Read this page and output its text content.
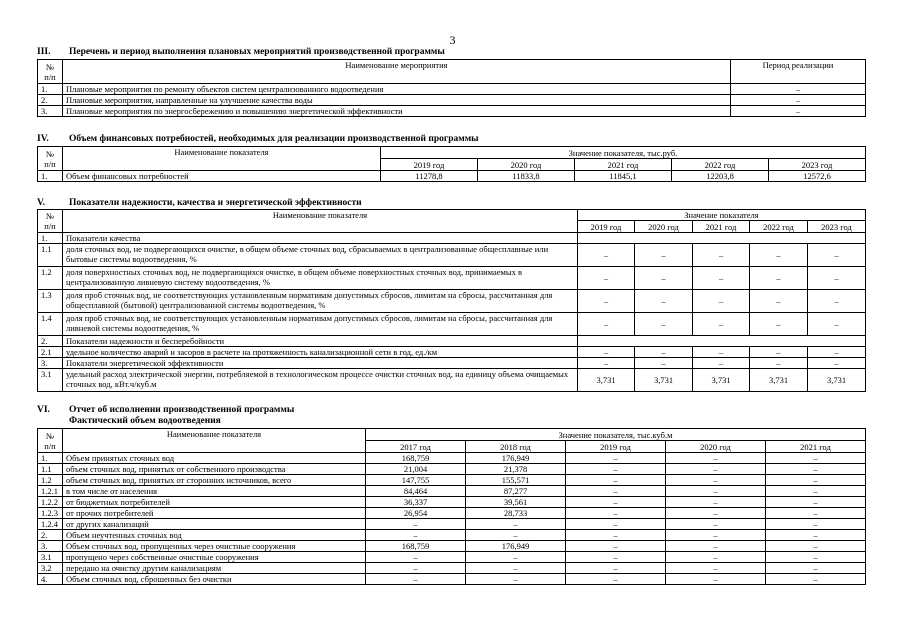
3
III. Перечень и период выполнения плановых мероприятий производственной программы
№
п/п	Наименование мероприятия	Период реализации
1.	Плановые мероприятия по ремонту объектов систем централизованного водоотведения	–
2.	Плановые мероприятия, направленные на улучшение качества воды	–
3.	Плановые мероприятия по энергосбережению и повышению энергетической эффективности	–
IV. Объем финансовых потребностей, необходимых для реализации производственной программы
№
п/п	Наименование показателя	Значение показателя, тыс.руб.				
		2019 год	2020 год	2021 год	2022 год	2023 год
1.	Объем финансовых потребностей	11278,8	11833,8	11845,1	12203,8	12572,6
V.	Показатели надежности, качества и энергетической эффективности
№
п/п	Наименование показателя	Значение показателя				
		2019 год	2020 год	2021 год	2022 год	2023 год
1.	Показатели качества					
1.1	доля сточных вод, не подвергающихся очистке, в общем объеме сточных вод, сбрасываемых в централизованные общесплавные или бытовые системы водоотведения, %	–	–	–	–	–
1.2	доля поверхностных сточных вод, не подвергающихся очистке, в общем объеме поверхностных сточных вод, принимаемых в централизованную ливневую систему водоотведения, %	–	–	–	–	–
1.3	доля проб сточных вод, не соответствующих установленным нормативам допустимых сбросов, лимитам на сбросы, рассчитанная для общесплавной (бытовой) централизованной системы водоотведения, %	–	–	–	–	–
1.4	доля проб сточных вод, не соответствующих установленным нормативам допустимых сбросов, лимитам на сбросы, рассчитанная для ливневой системы водоотведения, %	–	–	–	–	–
2.	Показатели надежности и бесперебойности					
2.1	удельное количество аварий и засоров в расчете на протяженность канализационной сети в год, ед./км	–	–	–	–	–
3.	Показатели энергетической эффективности	–	–	–	–	–
3.1	удельный расход электрической энергии, потребляемой в технологическом процессе очистки сточных вод, на единицу объема очищаемых сточных вод, кВт.ч/куб.м	3,731	3,731	3,731	3,731	3,731
VI. Отчет об исполнении производственной программы
Фактический объем водоотведения
№
п/п	Наименование показателя	Значение показателя, тыс.куб.м				
		2017 год	2018 год	2019 год	2020 год	2021 год
1.	Объем принятых сточных вод	168,759	176,949	–	–	–
1.1	объем сточных вод, принятых от собственного производства	21,004	21,378	–	–	–
1.2	объем сточных вод, принятых от сторонних источников, всего	147,755	155,571	–	–	–
1.2.1	в том числе от населения	84,464	87,277	–	–	–
1.2.2	от бюджетных потребителей	36,337	39,561	–	–	–
1.2.3	от прочих потребителей	26,954	28,733	–	–	–
1.2.4	от других канализаций	–	–	–	–	–
2.	Объем неучтенных сточных вод	–	–	–	–	–
3.	Объем сточных вод, пропущенных через очистные сооружения	168,759	176,949	–	–	–
3.1	пропущено через собственные очистные сооружения	–	–	–	–	–
3.2	передано на очистку другим канализациям	–	–	–	–	–
4.	Объем сточных вод, сброшенных без очистки	–	–	–	–	–
